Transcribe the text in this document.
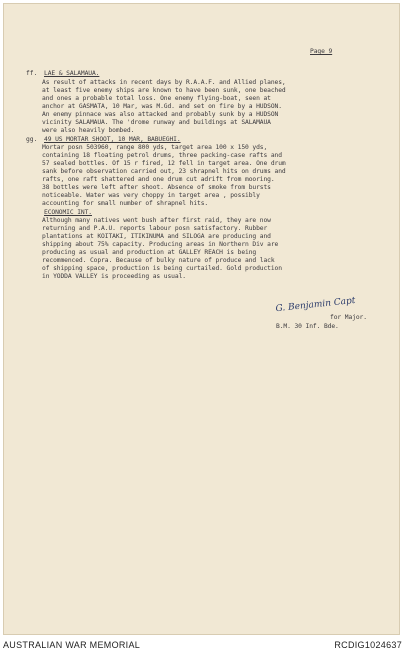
Page 9
ff. LAE & SALAMAUA.
As result of attacks in recent days by R.A.A.F. and Allied planes,
at least five enemy ships are known to have been sunk, one beached
and ones a probable total loss. One enemy flying-boat, seen at
anchor at GASMATA, 10 Mar, was M.Gd. and set on fire by a HUDSON.
An enemy pinnace was also attacked and probably sunk by a HUDSON
vicinity SALAMAUA. The 'drome runway and buildings at SALAMAUA
were also heavily bombed.
gg. 49 US MORTAR SHOOT, 10 MAR, BABUEGHI.
Mortar posn 503960, range 800 yds, target area 100 x 150 yds,
containing 18 floating petrol drums, three packing-case rafts and
57 sealed bottles. Of 15 r fired, 12 fell in target area. One drum
sank before observation carried out, 23 shrapnel hits on drums and
rafts, one raft shattered and one drum cut adrift from mooring.
38 bottles were left after shoot. Absence of smoke from bursts
noticeable. Water was very choppy in target area , possibly
accounting for small number of shrapnel hits.
ECONOMIC INT.
Although many natives went bush after first raid, they are now
returning and P.A.U. reports labour posn satisfactory. Rubber
plantations at KOITAKI, ITIKINUMA and SILOGA are producing and
shipping about 75% capacity. Producing areas in Northern Div are
producing as usual and production at GALLEY REACH is being
recommenced. Copra. Because of bulky nature of produce and lack
of shipping space, production is being curtailed. Gold production
in YODDA VALLEY is proceeding as usual.
G. Benjamin Capt
for Major.
B.M. 30 Inf. Bde.
AUSTRALIAN WAR MEMORIAL	RCDIG1024637
